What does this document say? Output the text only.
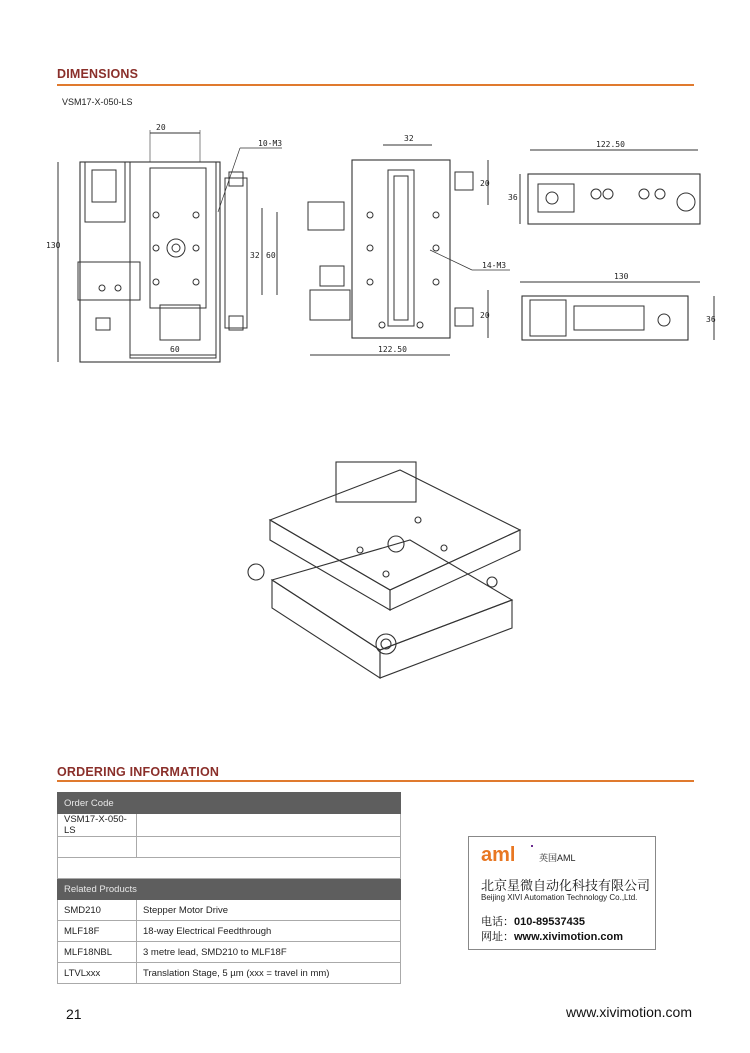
DIMENSIONS
VSM17-X-050-LS
20
10-M3
130
32 60
60
32
20
14-M3
20
122.50
122.50
36
130
36
ORDERING INFORMATION
Order Code	
VSM17-X-050-LS	

Related Products	
SMD210	Stepper Motor Drive
MLF18F	18-way Electrical Feedthrough
MLF18NBL	3 metre lead, SMD210 to MLF18F
LTVLxxx	Translation Stage, 5 µm (xxx = travel in mm)
aml	英国AML
北京星微自动化科技有限公司
Beijing XIVI Automation Technology Co.,Ltd.
电话：010-89537435
网址：www.xivimotion.com
21	www.xivimotion.com
